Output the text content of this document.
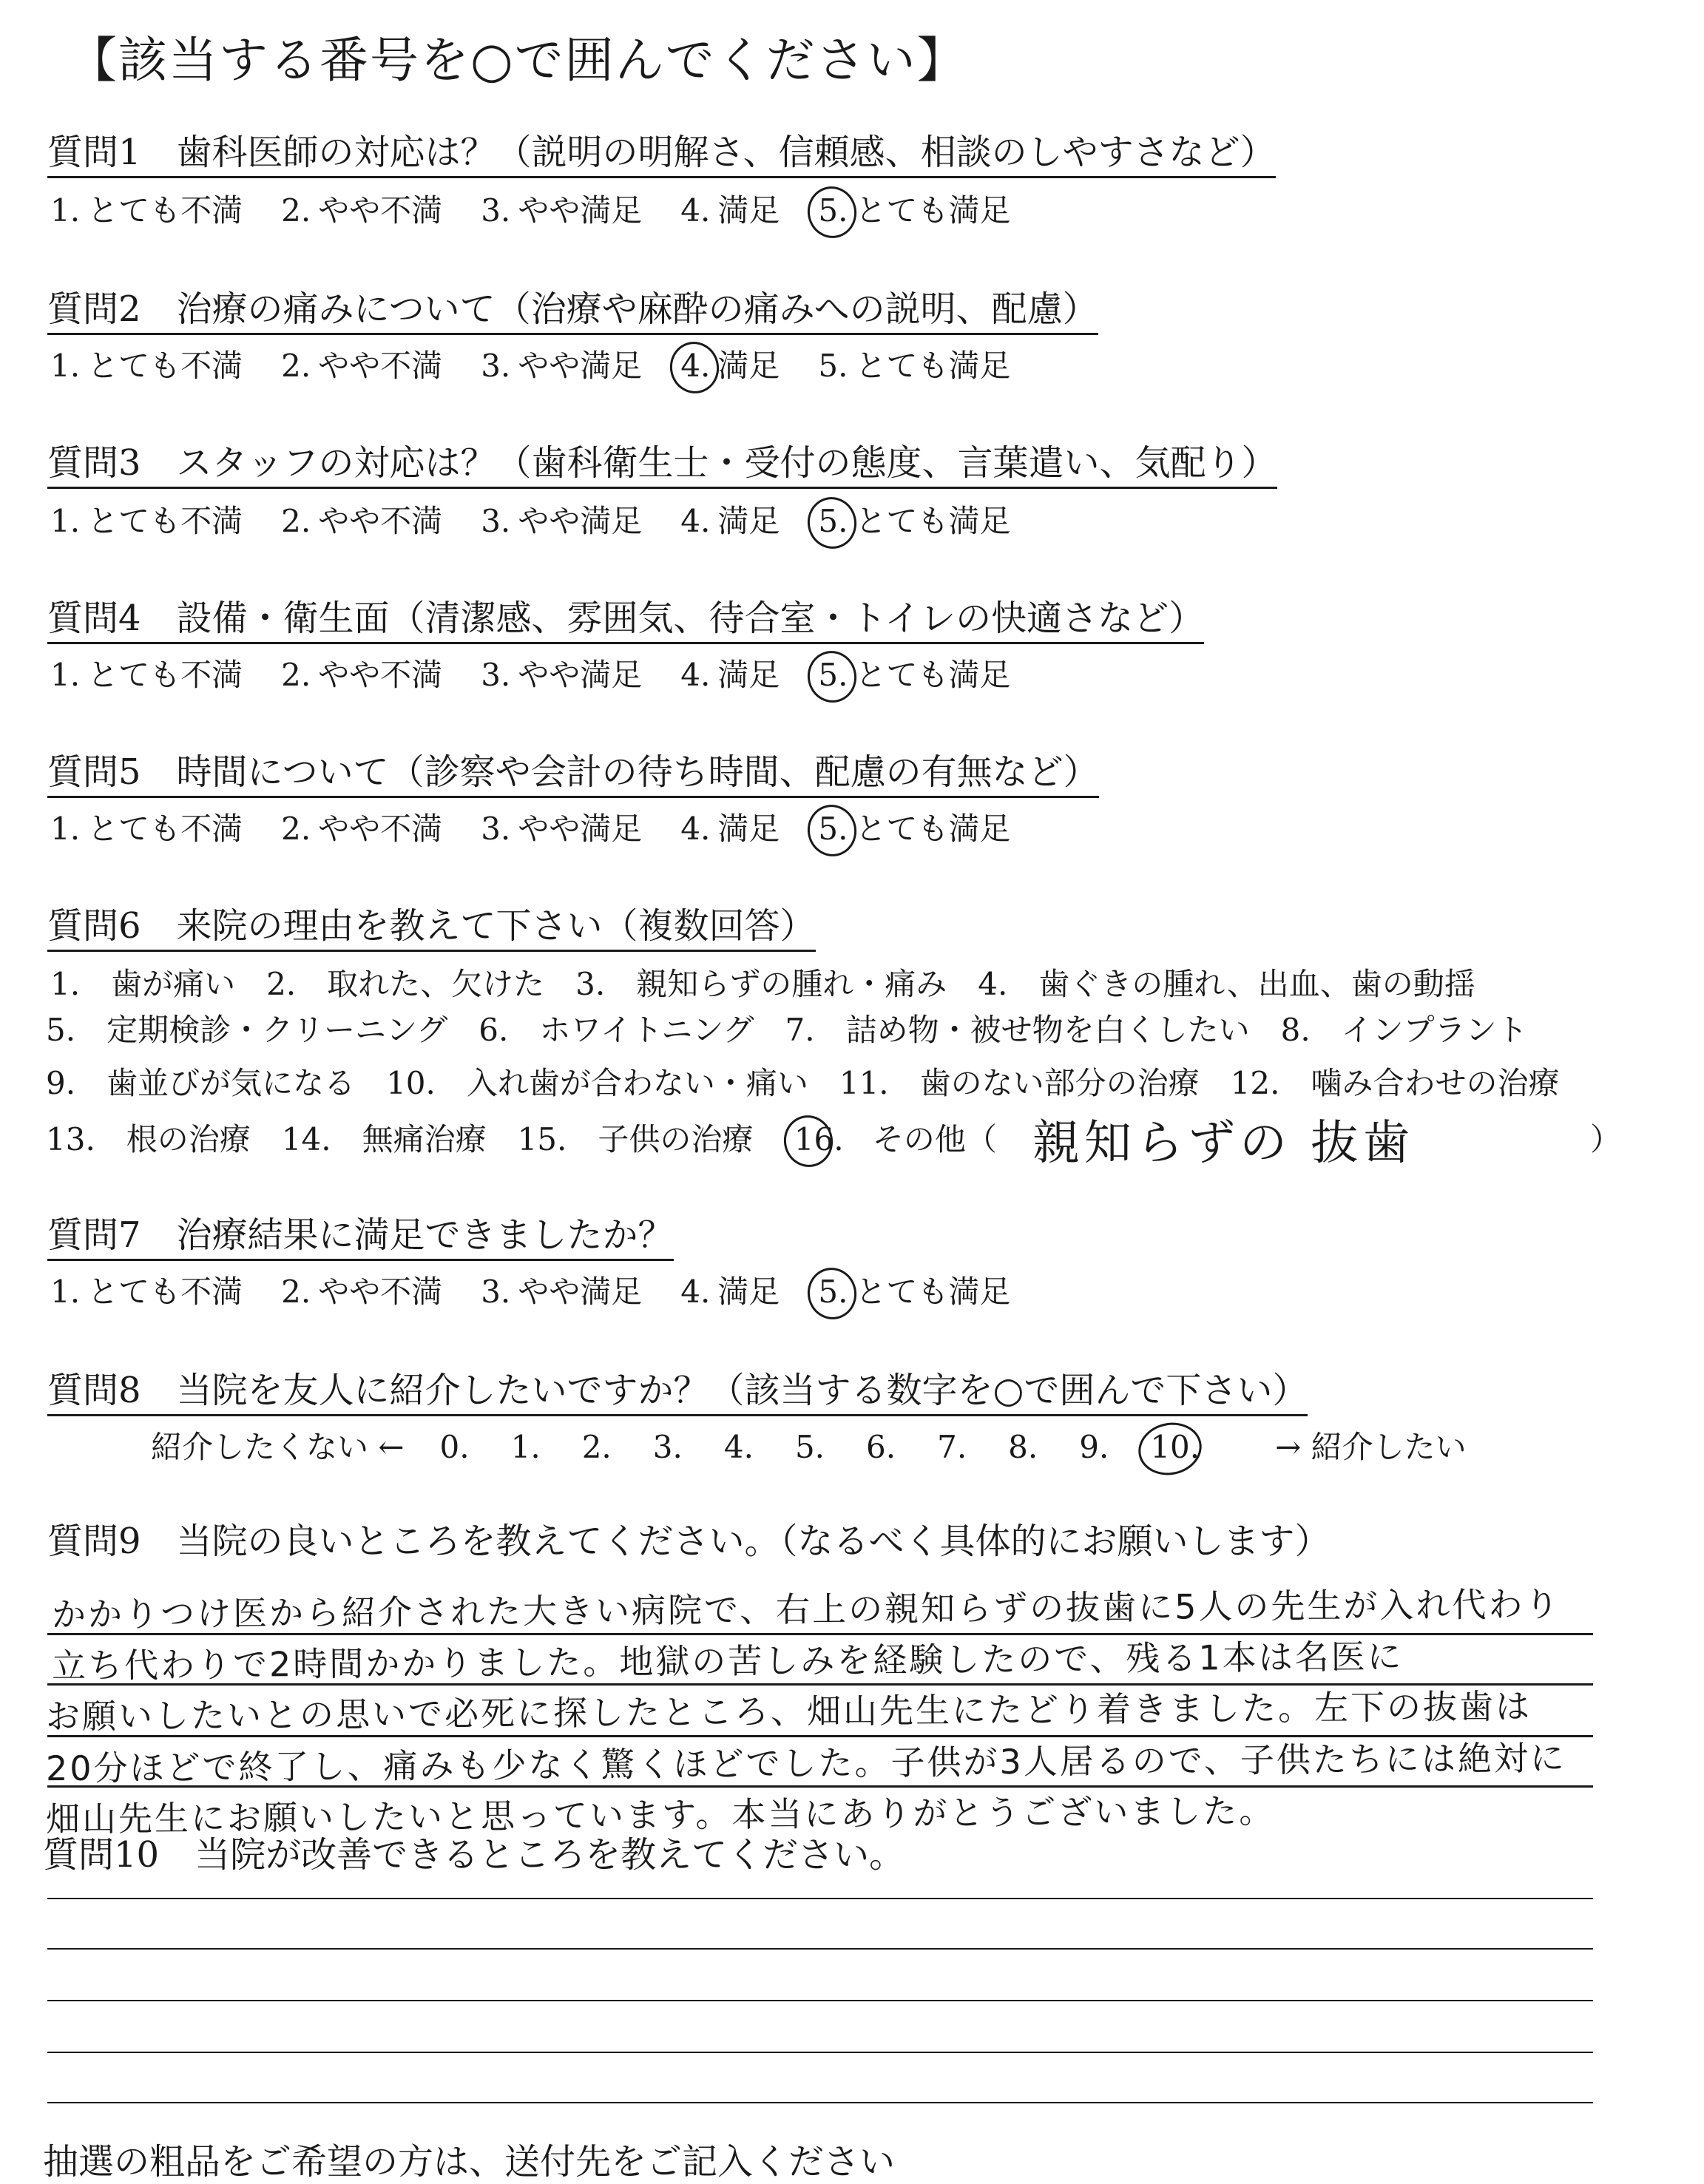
【該当する番号を○で囲んでください】
質問1　歯科医師の対応は？（説明の明解さ、信頼感、相談のしやすさなど）
1. とても不満 2. やや不満 3. やや満足 4. 満足 5. とても満足
質問2　治療の痛みについて（治療や麻酔の痛みへの説明、配慮）
1. とても不満 2. やや不満 3. やや満足 4. 満足 5. とても満足
質問3　スタッフの対応は？（歯科衛生士・受付の態度、言葉遣い、気配り）
1. とても不満 2. やや不満 3. やや満足 4. 満足 5. とても満足
質問4　設備・衛生面（清潔感、雰囲気、待合室・トイレの快適さなど）
1. とても不満 2. やや不満 3. やや満足 4. 満足 5. とても満足
質問5　時間について（診察や会計の待ち時間、配慮の有無など）
1. とても不満 2. やや不満 3. やや満足 4. 満足 5. とても満足
質問6　来院の理由を教えて下さい（複数回答）
1.　歯が痛い　2.　取れた、欠けた　3.　親知らずの腫れ・痛み　4.　歯ぐきの腫れ、出血、歯の動揺
5.　定期検診・クリーニング　6.　ホワイトニング　7.　詰め物・被せ物を白くしたい　8.　インプラント
9.　歯並びが気になる　10.　入れ歯が合わない・痛い　11.　歯のない部分の治療　12.　噛み合わせの治療
13.　根の治療　14.　無痛治療　15.　子供の治療 16. その他（ 親知らずの 抜歯	）
質問7　治療結果に満足できましたか？
1. とても不満 2. やや不満 3. やや満足 4. 満足 5. とても満足
質問8　当院を友人に紹介したいですか？（該当する数字を○で囲んで下さい）
紹介したくない ← 0. 1. 2. 3. 4. 5. 6. 7. 8. 9. 10. → 紹介したい
質問9　当院の良いところを教えてください。（なるべく具体的にお願いします）
かかりつけ医から紹介された大きい病院で、右上の親知らずの抜歯に5人の先生が入れ代わり
立ち代わりで2時間かかりました。地獄の苦しみを経験したので、残る1本は名医に
お願いしたいとの思いで必死に探したところ、畑山先生にたどり着きました。左下の抜歯は
20分ほどで終了し、痛みも少なく驚くほどでした。子供が3人居るので、子供たちには絶対に
畑山先生にお願いしたいと思っています。本当にありがとうございました。
質問10　当院が改善できるところを教えてください。
抽選の粗品をご希望の方は、送付先をご記入ください
